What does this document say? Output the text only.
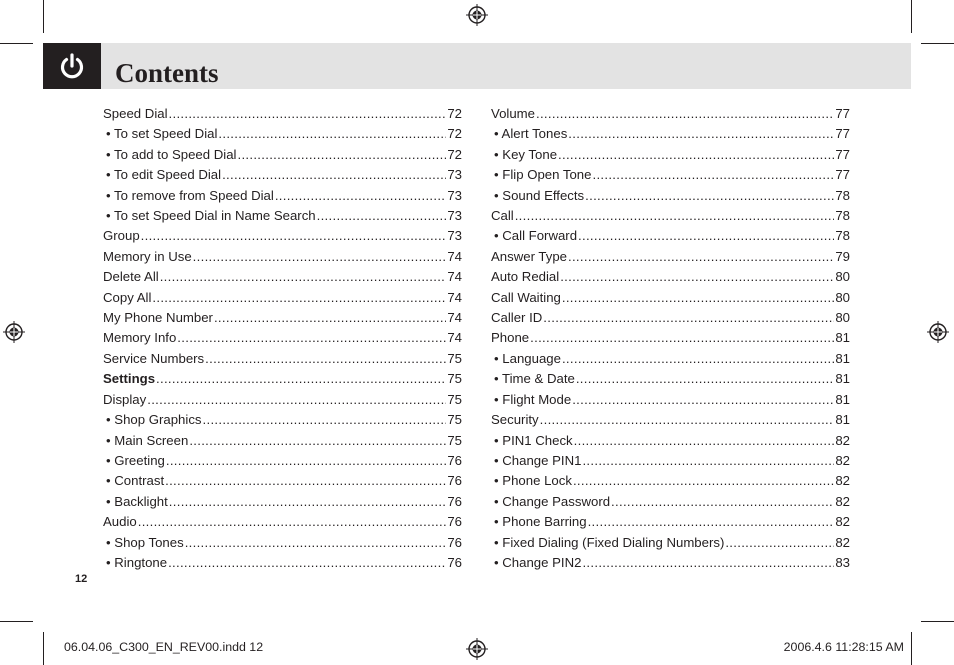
Contents
Speed Dial .....	72
• To set Speed Dial .....	72
• To add to Speed Dial .....	72
• To edit Speed Dial .....	73
• To remove from Speed Dial .....	73
• To set Speed Dial in Name Search .....	73
Group .....	73
Memory in Use .....	74
Delete All .....	74
Copy All .....	74
My Phone Number .....	74
Memory Info .....	74
Service Numbers .....	75
Settings .....	75
Display .....	75
• Shop Graphics .....	75
• Main Screen .....	75
• Greeting .....	76
• Contrast .....	76
• Backlight .....	76
Audio .....	76
• Shop Tones .....	76
• Ringtone .....	76
Volume .....	77
• Alert Tones .....	77
• Key Tone .....	77
• Flip Open Tone .....	77
• Sound Effects .....	78
Call .....	78
• Call Forward .....	78
Answer Type .....	79
Auto Redial .....	80
Call Waiting .....	80
Caller ID .....	80
Phone .....	81
• Language .....	81
• Time & Date .....	81
• Flight Mode .....	81
Security .....	81
• PIN1 Check .....	82
• Change PIN1 .....	82
• Phone Lock .....	82
• Change Password .....	82
• Phone Barring .....	82
• Fixed Dialing (Fixed Dialing Numbers) .....	82
• Change PIN2 .....	83
12
06.04.06_C300_EN_REV00.indd 12	2006.4.6 11:28:15 AM
